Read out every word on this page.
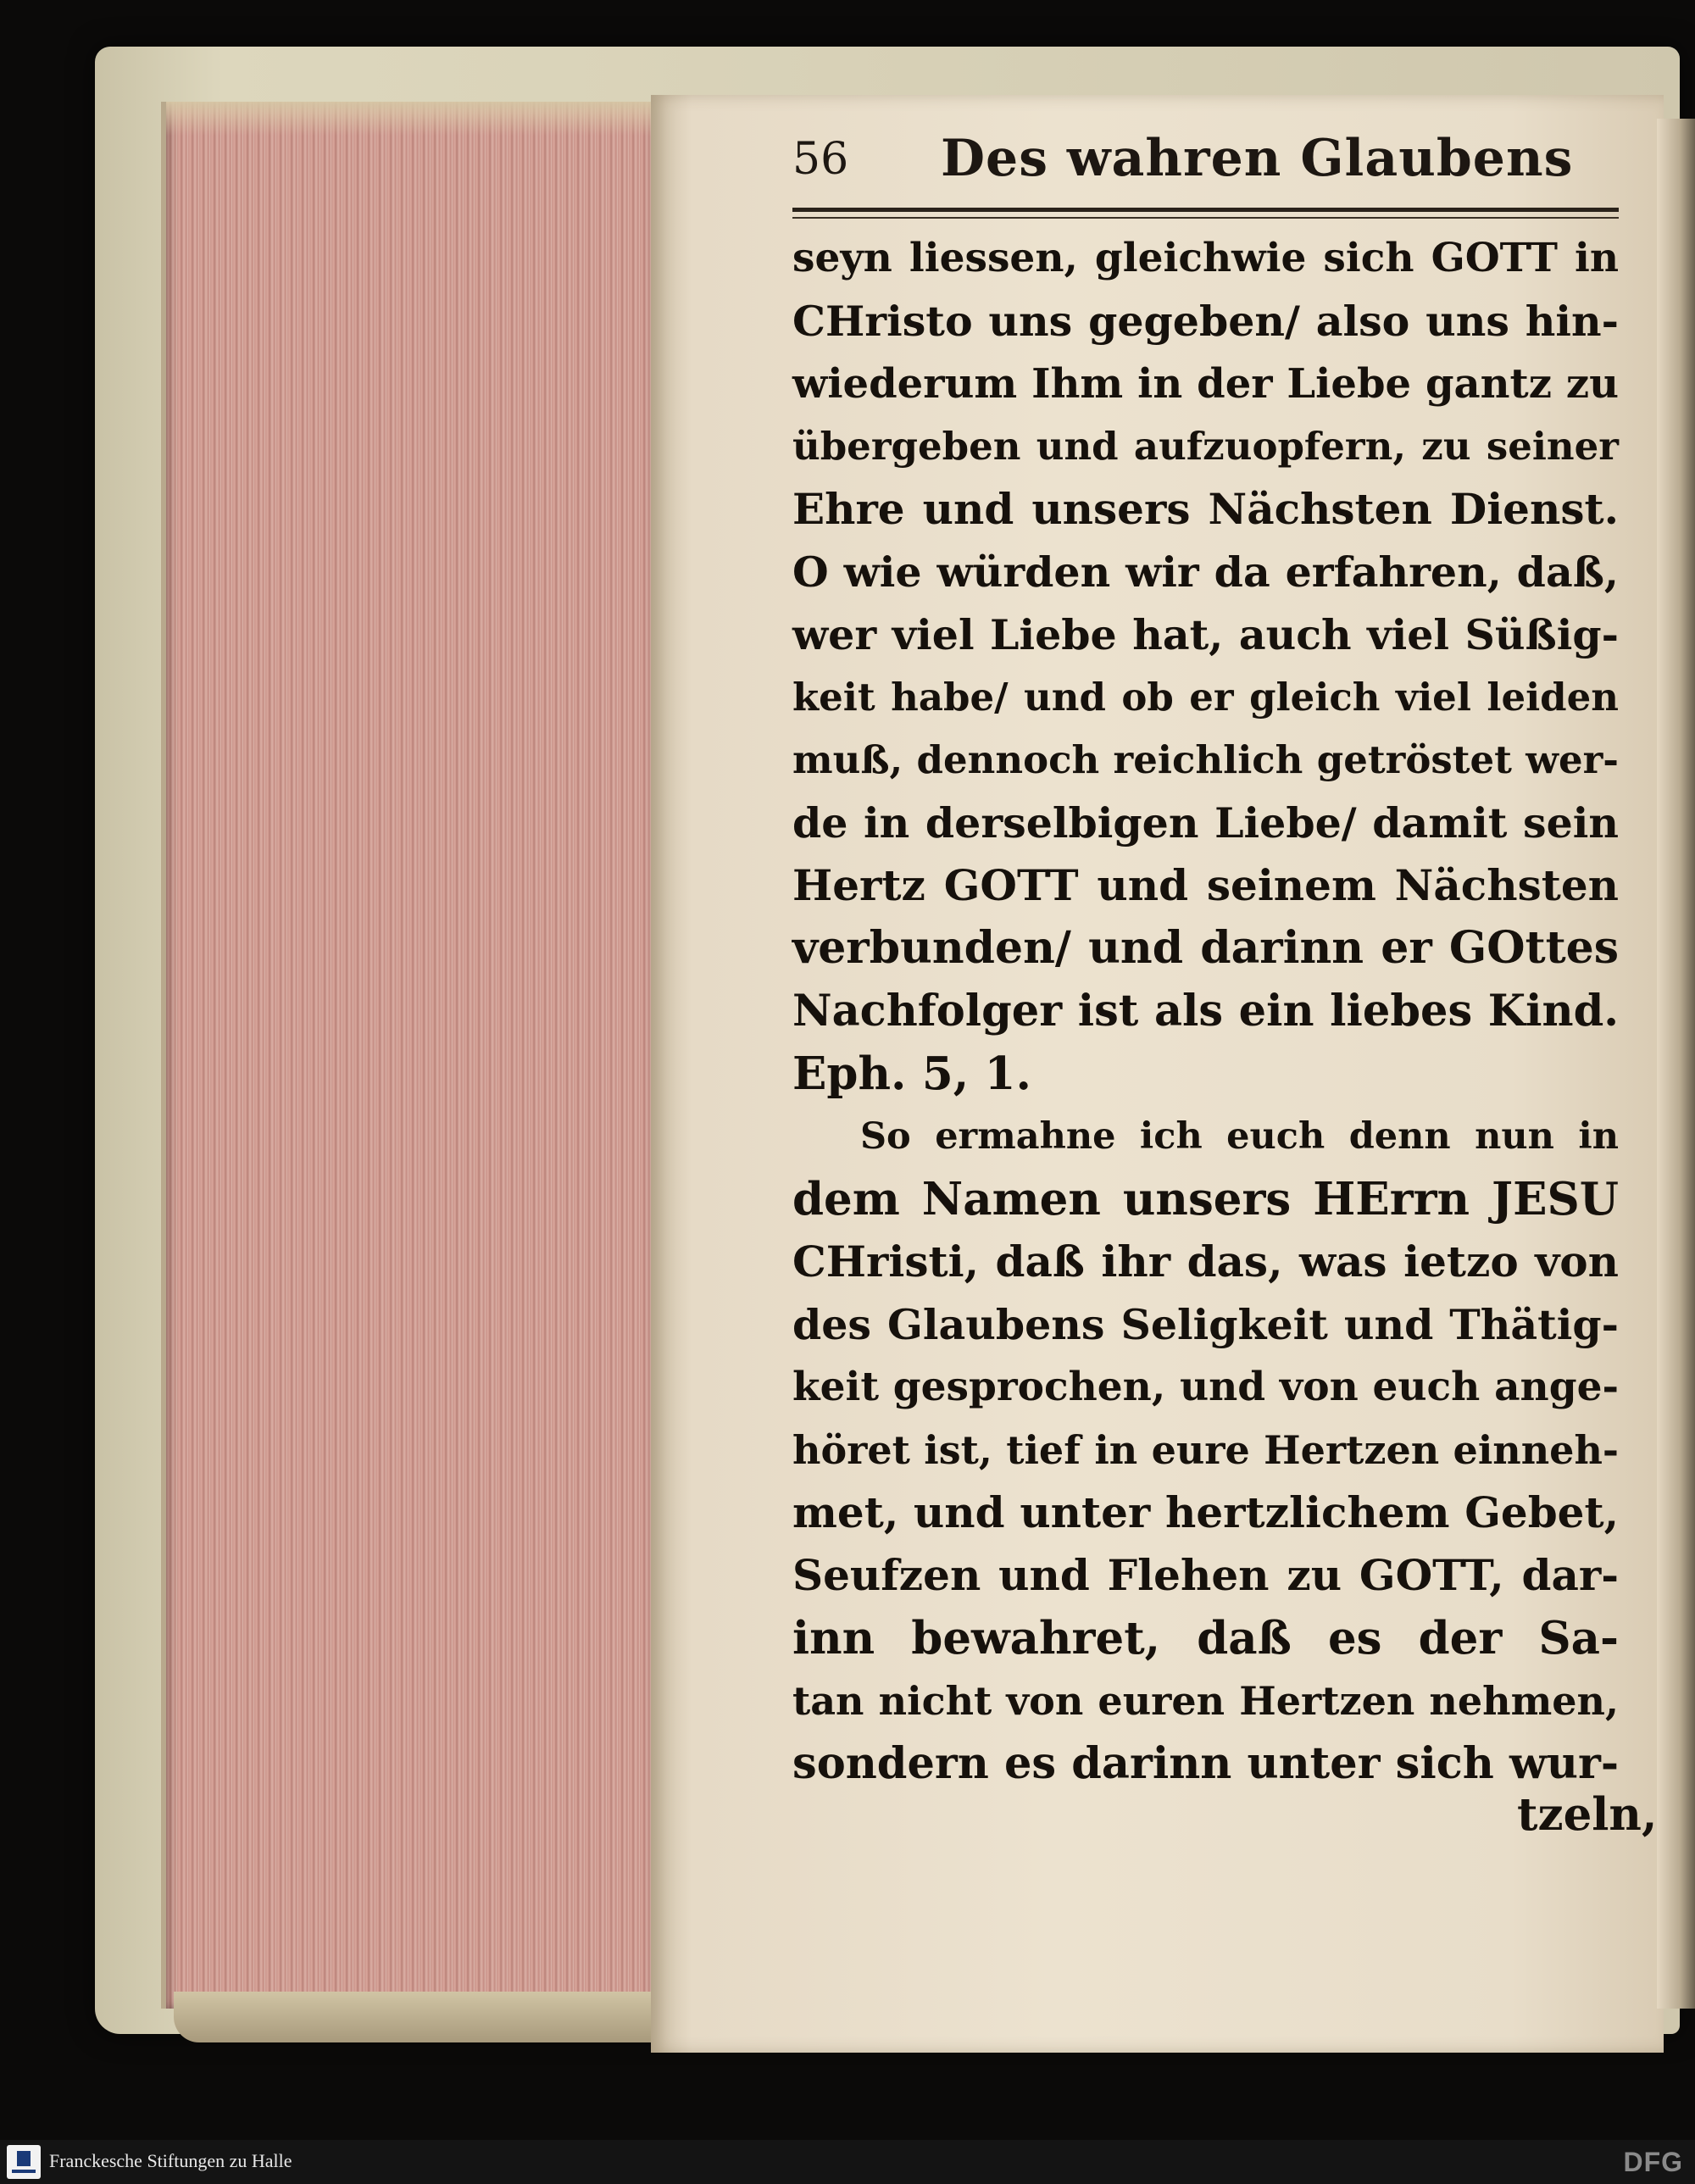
56 Des wahren Glaubens
seyn liessen, gleichwie sich GOTT in
CHristo uns gegeben/ also uns hin-
wiederum Ihm in der Liebe gantz zu
übergeben und aufzuopfern, zu seiner
Ehre und unsers Nächsten Dienst.
O wie würden wir da erfahren, daß,
wer viel Liebe hat, auch viel Süßig-
keit habe/ und ob er gleich viel leiden
muß, dennoch reichlich getröstet wer-
de in derselbigen Liebe/ damit sein
Hertz GOTT und seinem Nächsten
verbunden/ und darinn er GOttes
Nachfolger ist als ein liebes Kind.
Eph. 5, 1.
So ermahne ich euch denn nun in
dem Namen unsers HErrn JESU
CHristi, daß ihr das, was ietzo von
des Glaubens Seligkeit und Thätig-
keit gesprochen, und von euch ange-
höret ist, tief in eure Hertzen einneh-
met, und unter hertzlichem Gebet,
Seufzen und Flehen zu GOTT, dar-
inn bewahret, daß es der Sa-
tan nicht von euren Hertzen nehmen,
sondern es darinn unter sich wur-
tzeln,
Franckesche Stiftungen zu Halle	DFG
